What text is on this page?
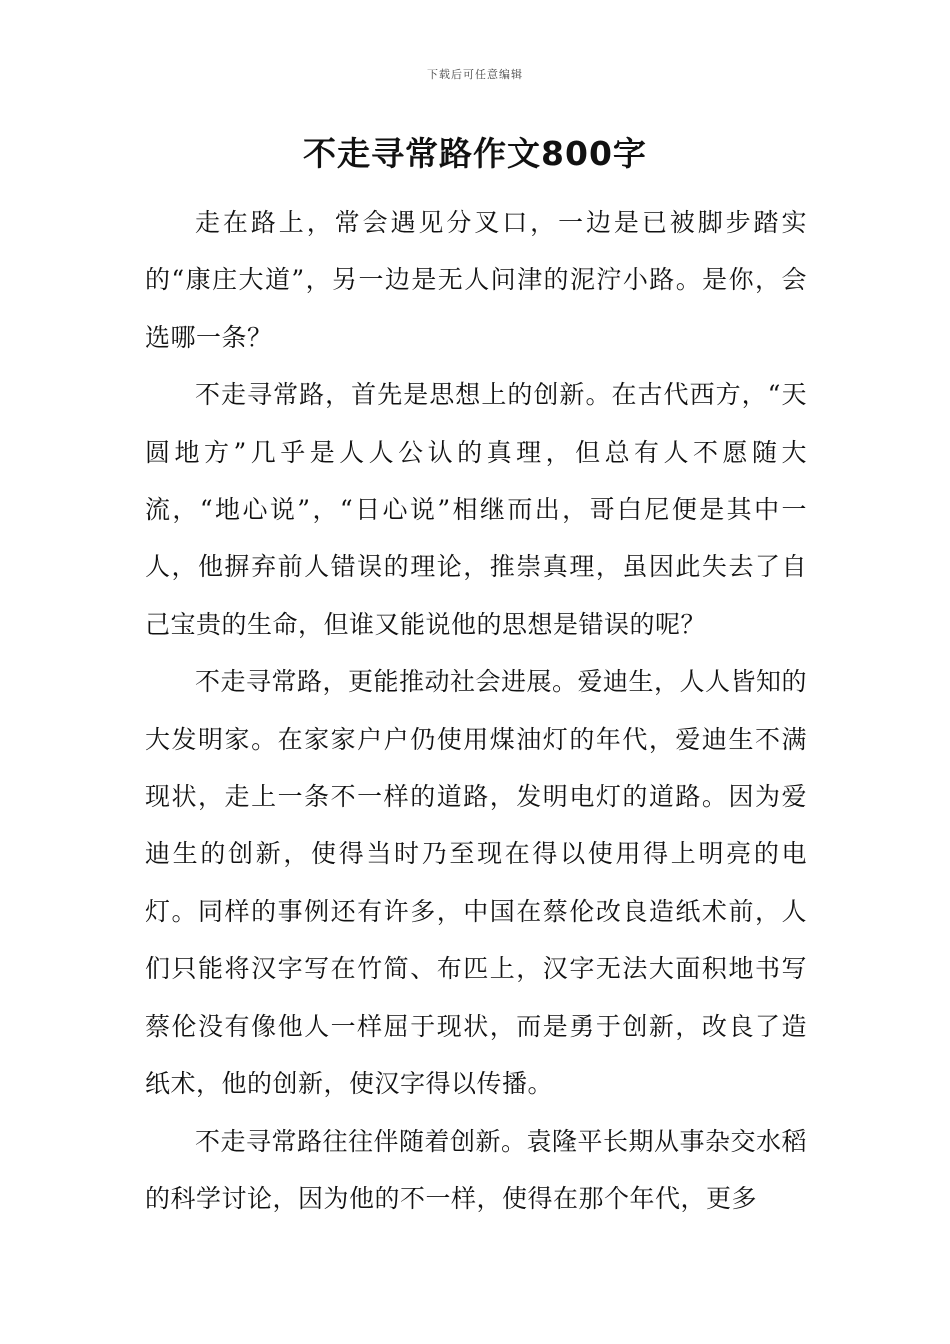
下载后可任意编辑
不走寻常路作文800字

走在路上，常会遇见分叉口，一边是已被脚步踏实的“康庄大道”，另一边是无人问津的泥泞小路。是你，会选哪一条？

不走寻常路，首先是思想上的创新。在古代西方，“天圆地方”几乎是人人公认的真理，但总有人不愿随大流，“地心说”，“日心说”相继而出，哥白尼便是其中一人，他摒弃前人错误的理论，推崇真理，虽因此失去了自己宝贵的生命，但谁又能说他的思想是错误的呢？

不走寻常路，更能推动社会进展。爱迪生，人人皆知的大发明家。在家家户户仍使用煤油灯的年代，爱迪生不满现状，走上一条不一样的道路，发明电灯的道路。因为爱迪生的创新，使得当时乃至现在得以使用得上明亮的电灯。同样的事例还有许多，中国在蔡伦改良造纸术前，人们只能将汉字写在竹简、布匹上，汉字无法大面积地书写蔡伦没有像他人一样屈于现状，而是勇于创新，改良了造纸术，他的创新，使汉字得以传播。

不走寻常路往往伴随着创新。袁隆平长期从事杂交水稻的科学讨论，因为他的不一样，使得在那个年代，更多
